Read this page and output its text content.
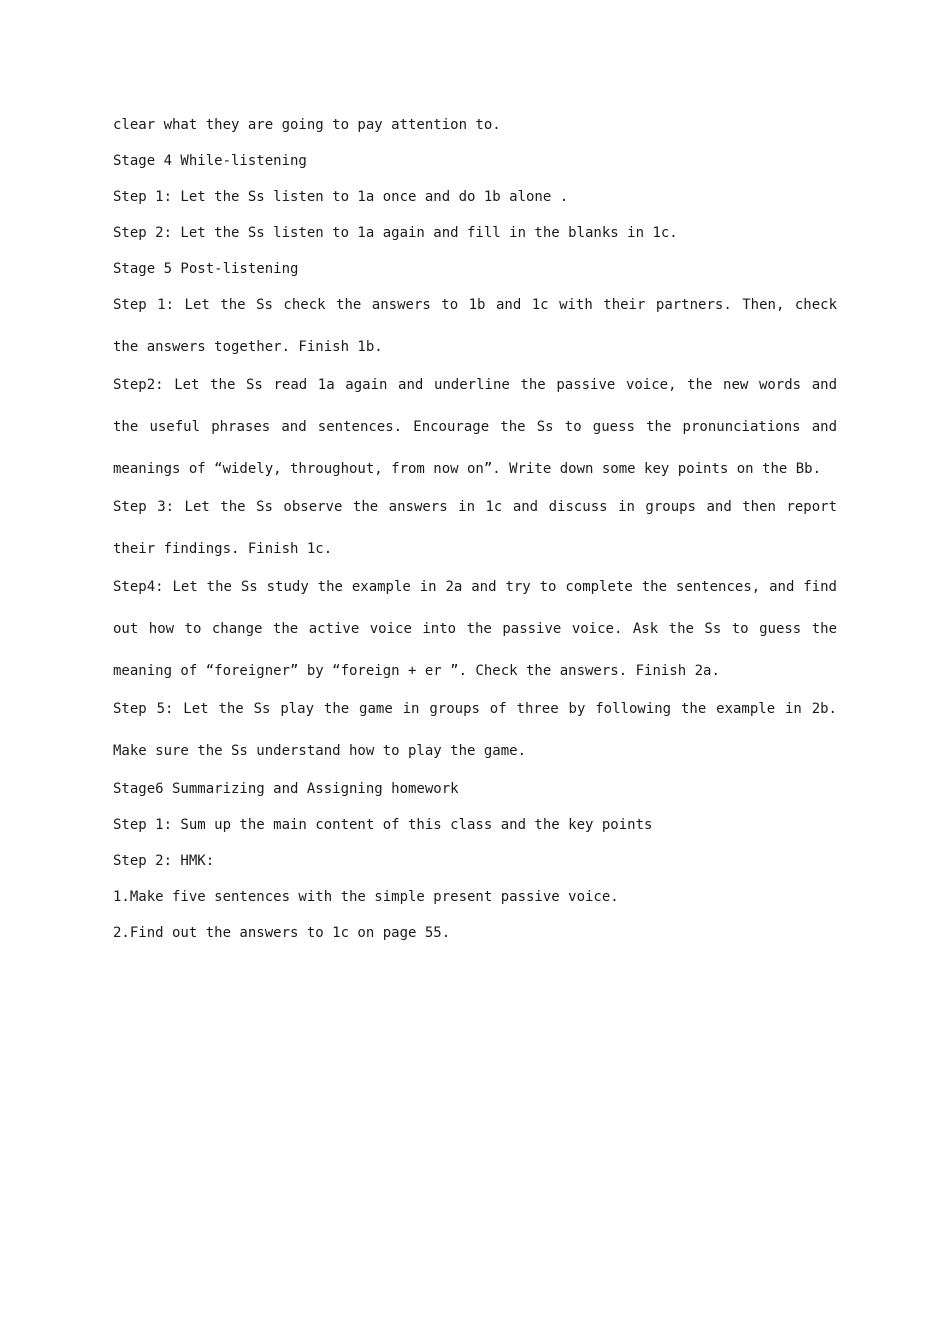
clear what they are going to pay attention to.

Stage 4 While-listening

Step 1: Let the Ss listen to 1a once and do 1b alone .

Step 2: Let the Ss listen to 1a again and fill in the blanks in 1c.

Stage 5 Post-listening

Step 1: Let the Ss check the answers to 1b and 1c with their partners. Then, check the answers together. Finish 1b.

Step2: Let the Ss read 1a again and underline the passive voice, the new words and the useful phrases and sentences. Encourage the Ss to guess the pronunciations and meanings of “widely, throughout, from now on”. Write down some key points on the Bb.

Step 3: Let the Ss observe the answers in 1c and discuss in groups and then report their findings. Finish 1c.

Step4: Let the Ss study the example in 2a and try to complete the sentences, and find out how to change the active voice into the passive voice. Ask the Ss to guess the meaning of “foreigner” by “foreign + er ”. Check the answers. Finish 2a.

Step 5: Let the Ss play the game in groups of three by following the example in 2b. Make sure the Ss understand how to play the game.

Stage6 Summarizing and Assigning homework

Step 1: Sum up the main content of this class and the key points

Step 2: HMK:

1.Make five sentences with the simple present passive voice.

2.Find out the answers to 1c on page 55.
